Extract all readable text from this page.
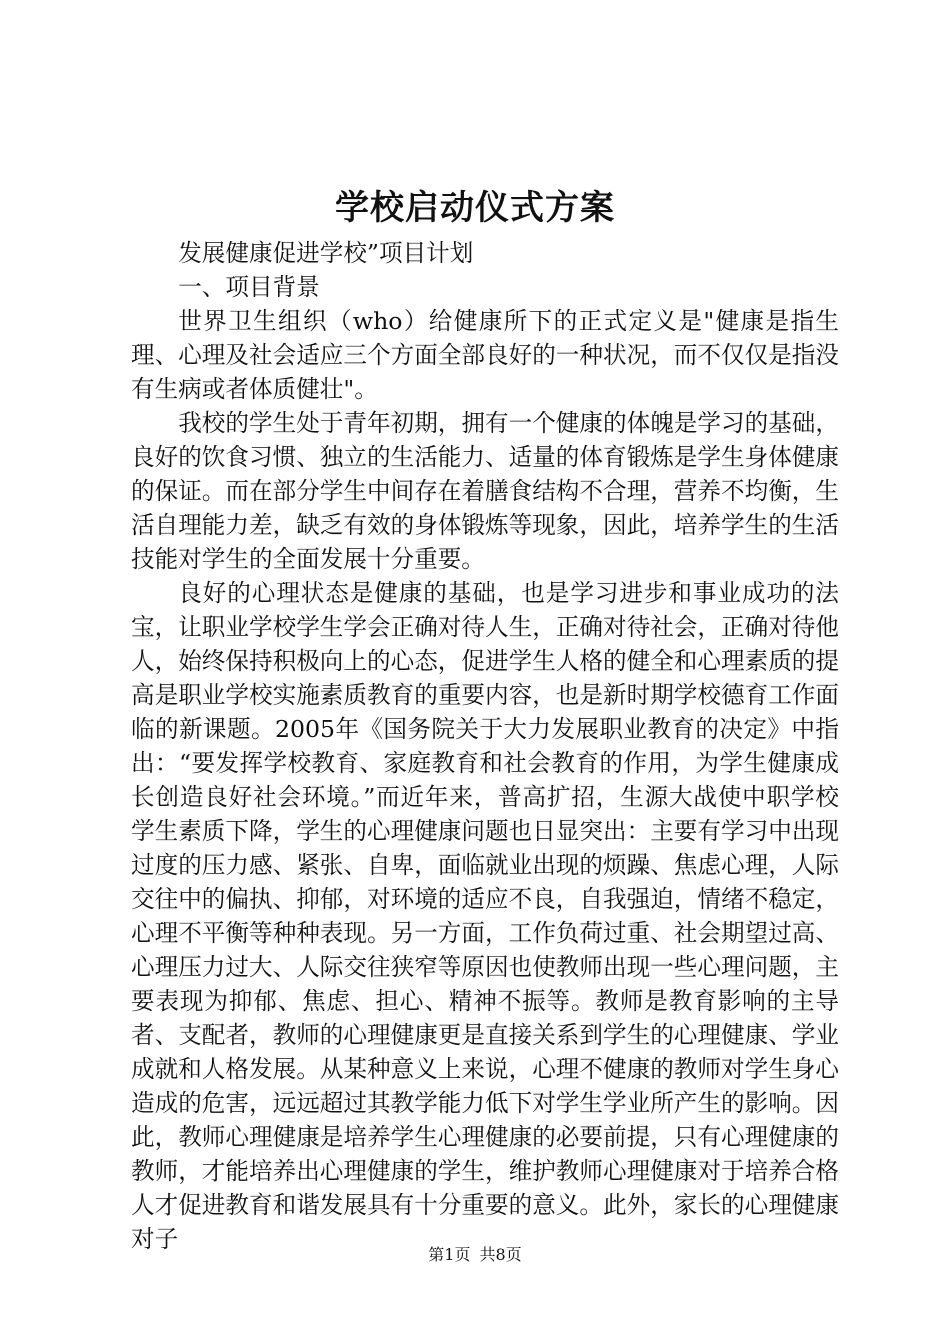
学校启动仪式方案

发展健康促进学校”项目计划

一、项目背景

世界卫生组织（who）给健康所下的正式定义是"健康是指生理、心理及社会适应三个方面全部良好的一种状况，而不仅仅是指没有生病或者体质健壮"。

我校的学生处于青年初期，拥有一个健康的体魄是学习的基础，良好的饮食习惯、独立的生活能力、适量的体育锻炼是学生身体健康的保证。而在部分学生中间存在着膳食结构不合理，营养不均衡，生活自理能力差，缺乏有效的身体锻炼等现象，因此，培养学生的生活技能对学生的全面发展十分重要。

良好的心理状态是健康的基础，也是学习进步和事业成功的法宝，让职业学校学生学会正确对待人生，正确对待社会，正确对待他人，始终保持积极向上的心态，促进学生人格的健全和心理素质的提高是职业学校实施素质教育的重要内容，也是新时期学校德育工作面临的新课题。2005年《国务院关于大力发展职业教育的决定》中指出：“要发挥学校教育、家庭教育和社会教育的作用，为学生健康成长创造良好社会环境。”而近年来，普高扩招，生源大战使中职学校学生素质下降，学生的心理健康问题也日显突出：主要有学习中出现过度的压力感、紧张、自卑，面临就业出现的烦躁、焦虑心理，人际交往中的偏执、抑郁，对环境的适应不良，自我强迫，情绪不稳定，心理不平衡等种种表现。另一方面，工作负荷过重、社会期望过高、心理压力过大、人际交往狭窄等原因也使教师出现一些心理问题，主要表现为抑郁、焦虑、担心、精神不振等。教师是教育影响的主导者、支配者，教师的心理健康更是直接关系到学生的心理健康、学业成就和人格发展。从某种意义上来说，心理不健康的教师对学生身心造成的危害，远远超过其教学能力低下对学生学业所产生的影响。因此，教师心理健康是培养学生心理健康的必要前提，只有心理健康的教师，才能培养出心理健康的学生，维护教师心理健康对于培养合格人才促进教育和谐发展具有十分重要的意义。此外，家长的心理健康对子

第1页 共8页
